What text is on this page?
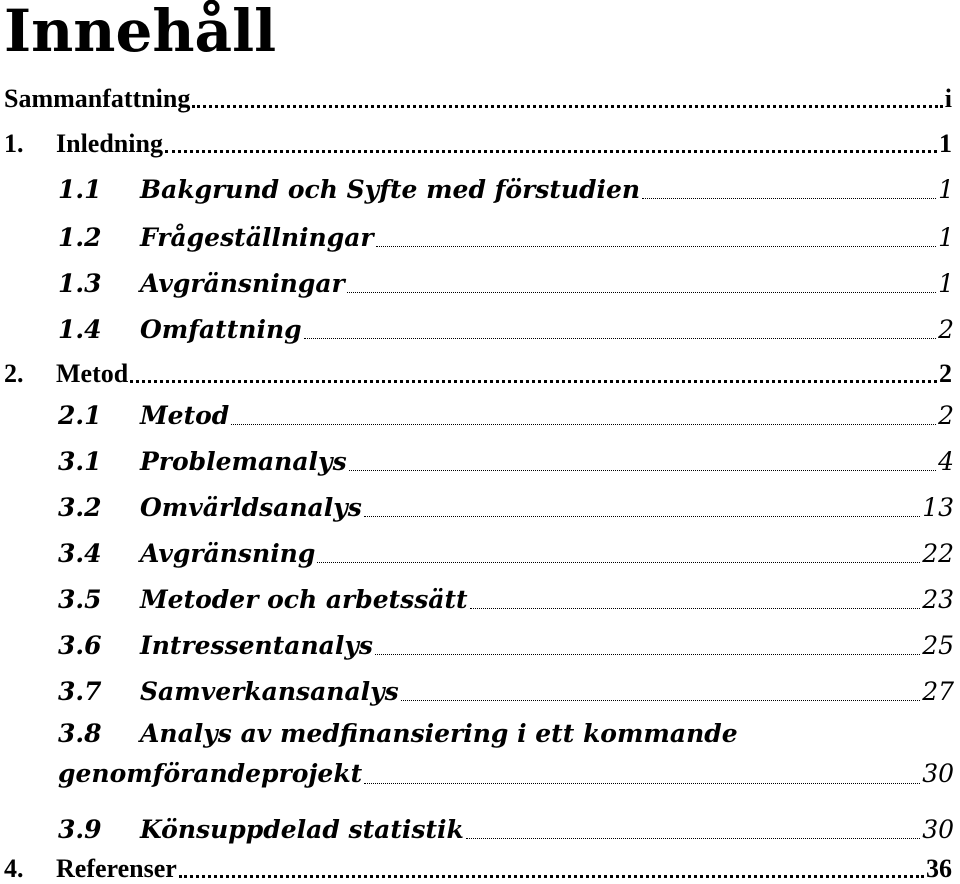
Innehåll
Sammanfattning	i
1.	Inledning	1
1.1	Bakgrund och Syfte med förstudien	1
1.2	Frågeställningar	1
1.3	Avgränsningar	1
1.4	Omfattning	2
2.	Metod	2
2.1	Metod	2
3.1	Problemanalys	4
3.2	Omvärldsanalys	13
3.4	Avgränsning	22
3.5	Metoder och arbetssätt	23
3.6	Intressentanalys	25
3.7	Samverkansanalys	27
3.8	Analys av medfinansiering i ett kommande
genomförandeprojekt	30
3.9	Könsuppdelad statistik	30
4.	Referenser	36
